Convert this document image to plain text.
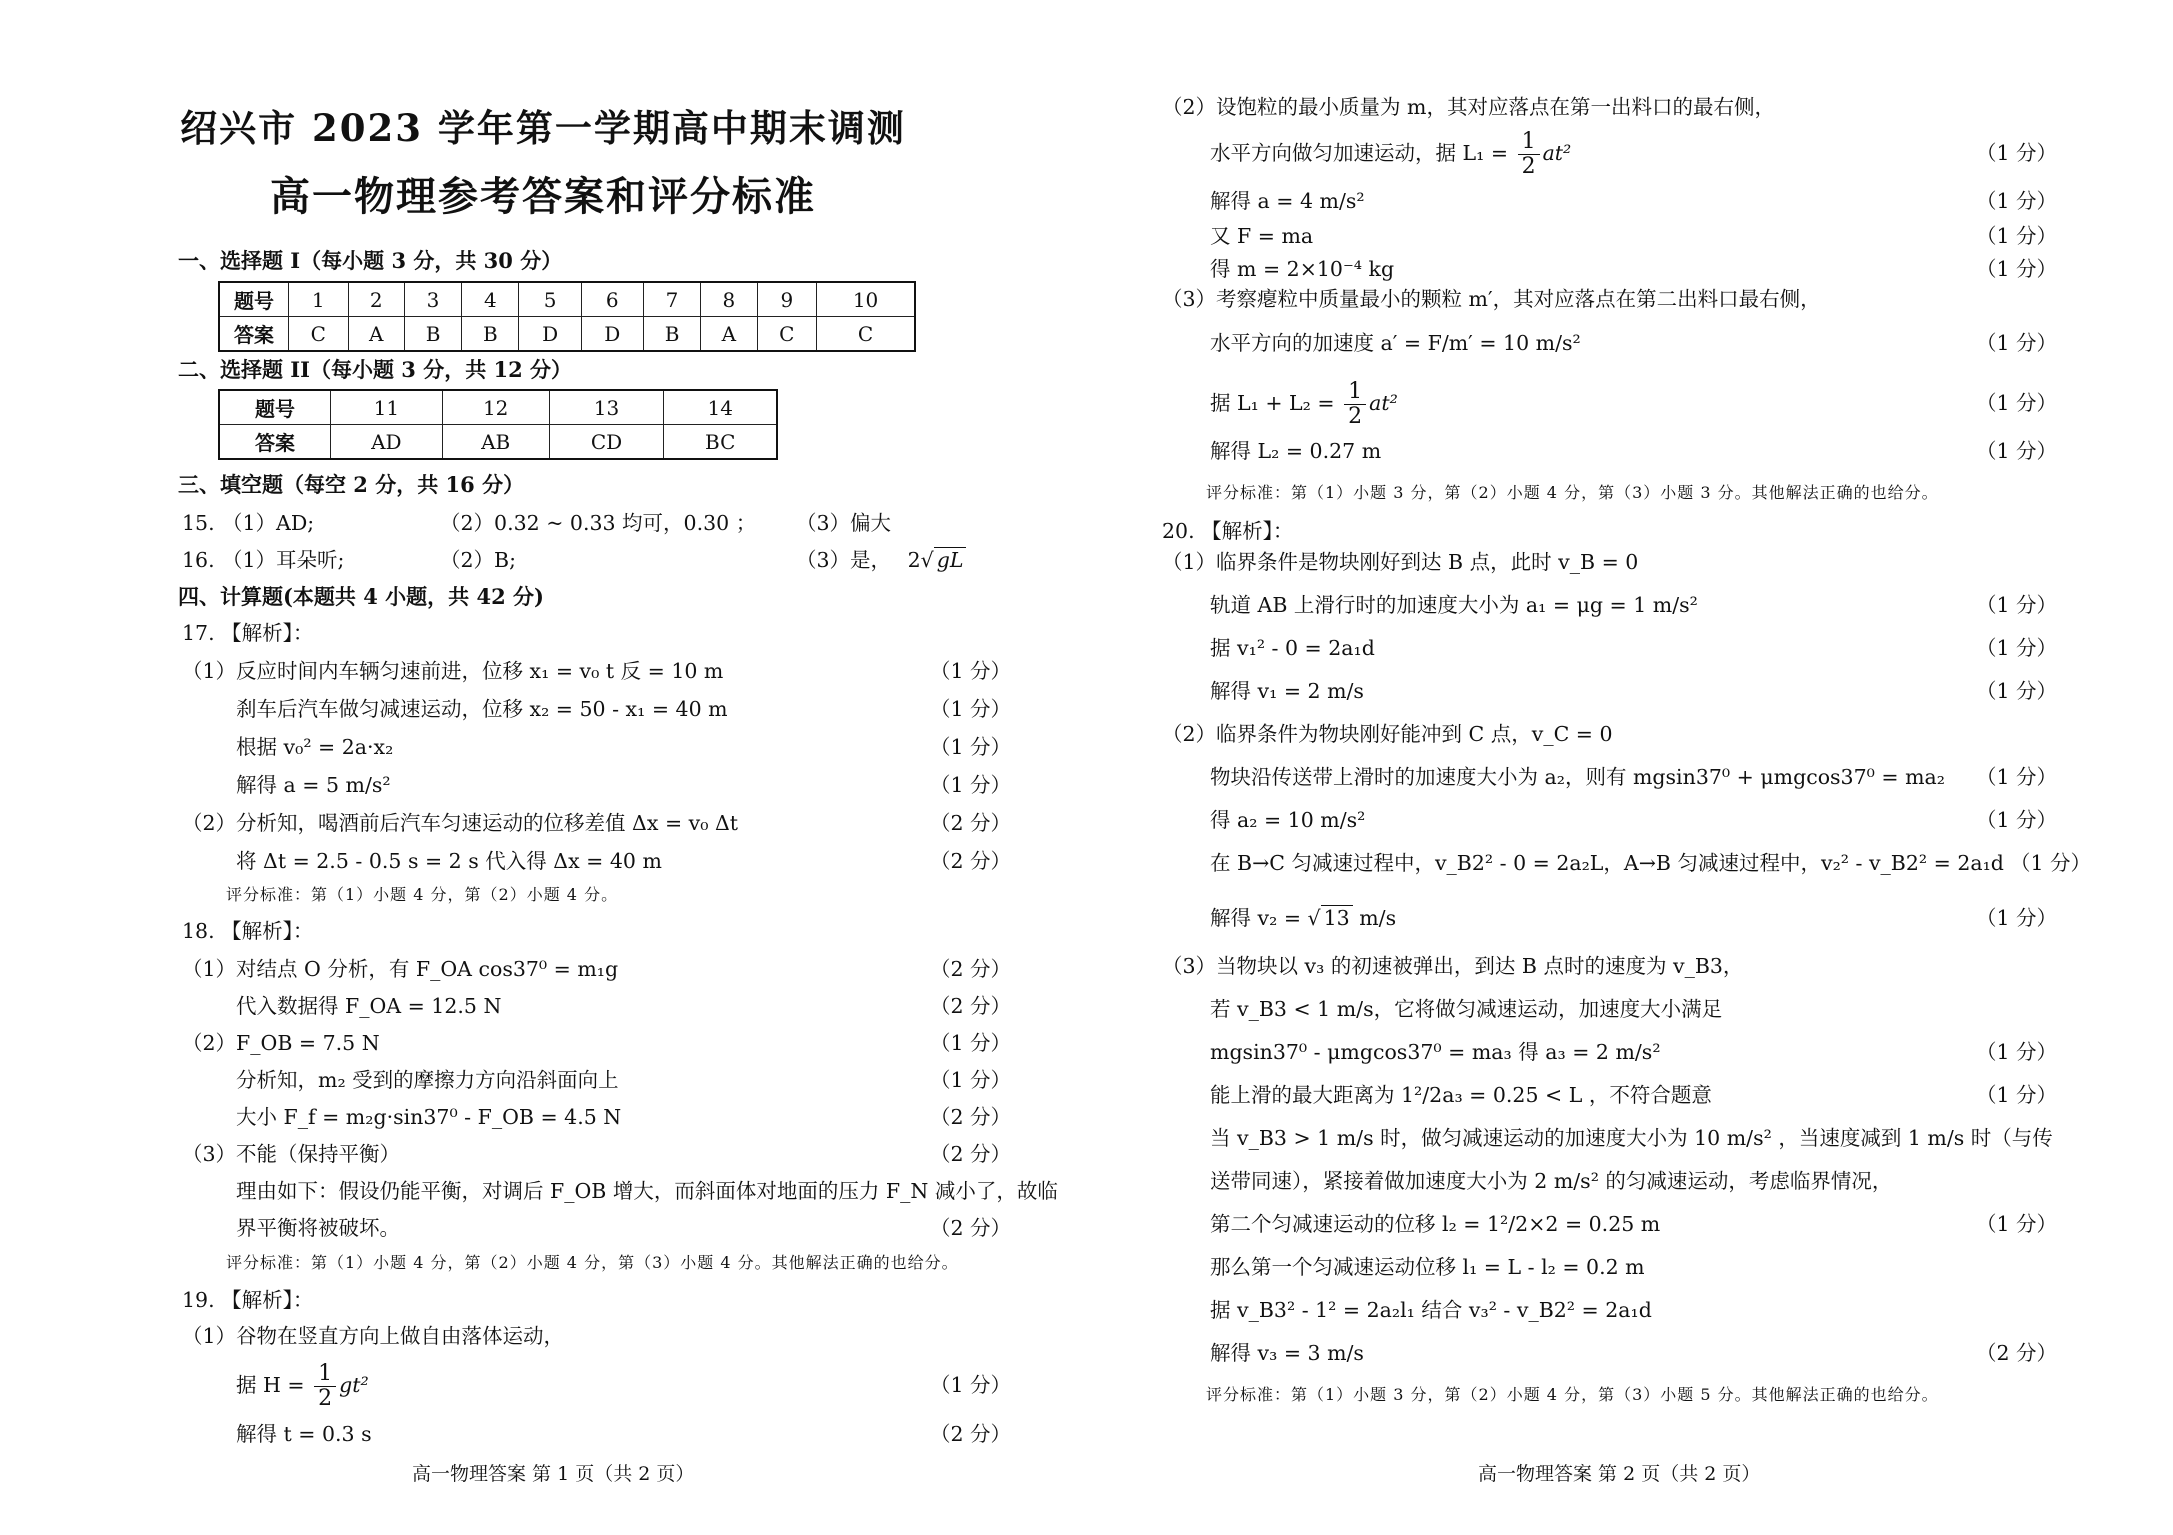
绍兴市 2023 学年第一学期高中期末调测
高一物理参考答案和评分标准
一、选择题 I（每小题 3 分，共 30 分）
题号	1	2	3	4	5	6	7	8	9	10
答案	C	A	B	B	D	D	B	A	C	C
二、选择题 II（每小题 3 分，共 12 分）
题号	11	12	13	14
答案	AD	AB	CD	BC
三、填空题（每空 2 分，共 16 分）
15. （1）AD;	（2）0.32 ~ 0.33 均可，0.30 ； （3）偏大
16. （1）耳朵听;	（2）B;	（3）是， 2√ gL
四、计算题(本题共 4 小题，共 42 分)
17. 【解析】：
（1）反应时间内车辆匀速前进，位移 x₁ = v₀ t 反 = 10 m	（1 分）
刹车后汽车做匀减速运动，位移 x₂ = 50 - x₁ = 40 m	（1 分）
根据 v₀² = 2a·x₂	（1 分）
解得 a = 5 m/s²	（1 分）
（2）分析知，喝酒前后汽车匀速运动的位移差值 Δx = v₀ Δt	（2 分）
将 Δt = 2.5 - 0.5 s = 2 s 代入得 Δx = 40 m	（2 分）
评分标准：第（1）小题 4 分，第（2）小题 4 分。
18. 【解析】：
（1）对结点 O 分析，有 F_OA cos37⁰ = m₁g	（2 分）
代入数据得 F_OA = 12.5 N	（2 分）
（2）F_OB = 7.5 N	（1 分）
分析知，m₂ 受到的摩擦力方向沿斜面向上	（1 分）
大小 F_f = m₂g·sin37⁰ - F_OB = 4.5 N	（2 分）
（3）不能（保持平衡）	（2 分）
理由如下：假设仍能平衡，对调后 F_OB 增大，而斜面体对地面的压力 F_N 减小了，故临
界平衡将被破坏。	（2 分）
评分标准：第（1）小题 4 分，第（2）小题 4 分，第（3）小题 4 分。其他解法正确的也给分。
19. 【解析】：
（1）谷物在竖直方向上做自由落体运动，
据 $H = \frac{1}{2} gt^2$	（1 分）
解得 t = 0.3 s	（2 分）
高一物理答案 第 1 页（共 2 页）
（2）设饱粒的最小质量为 m，其对应落点在第一出料口的最右侧，
水平方向做匀加速运动，据 $L_1 = \frac{1}{2} at^2$	（1 分）
解得 a = 4 m/s²	（1 分）
又 F = ma	（1 分）
得 m = 2×10⁻⁴ kg	（1 分）
（3）考察瘪粒中质量最小的颗粒 m′，其对应落点在第二出料口最右侧，
水平方向的加速度 a′ = F/m′ = 10 m/s²	（1 分）
据 $L_1 + L_2 = \frac{1}{2} at^2$	（1 分）
解得 L₂ = 0.27 m	（1 分）
评分标准：第（1）小题 3 分，第（2）小题 4 分，第（3）小题 3 分。其他解法正确的也给分。
20. 【解析】：
（1）临界条件是物块刚好到达 B 点，此时 v_B = 0
轨道 AB 上滑行时的加速度大小为 a₁ = μg = 1 m/s²	（1 分）
据 v₁² - 0 = 2a₁d	（1 分）
解得 v₁ = 2 m/s	（1 分）
（2）临界条件为物块刚好能冲到 C 点，v_C = 0
物块沿传送带上滑时的加速度大小为 a₂，则有 mgsin37⁰ + μmgcos37⁰ = ma₂ （1 分）
得 a₂ = 10 m/s²	（1 分）
在 B→C 匀减速过程中，v_B2² - 0 = 2a₂L，A→B 匀减速过程中，v₂² - v_B2² = 2a₁d （1 分）
解得 v₂ = √ 13 m/s	（1 分）
（3）当物块以 v₃ 的初速被弹出，到达 B 点时的速度为 v_B3，
若 v_B3 < 1 m/s，它将做匀减速运动，加速度大小满足
mgsin37⁰ - μmgcos37⁰ = ma₃ 得 a₃ = 2 m/s²	（1 分）
能上滑的最大距离为 1²/2a₃ = 0.25 < L ，不符合题意	（1 分）
当 v_B3 > 1 m/s 时，做匀减速运动的加速度大小为 10 m/s² ，当速度减到 1 m/s 时（与传
送带同速），紧接着做加速度大小为 2 m/s² 的匀减速运动，考虑临界情况，
第二个匀减速运动的位移 l₂ = 1²/2×2 = 0.25 m	（1 分）
那么第一个匀减速运动位移 l₁ = L - l₂ = 0.2 m
据 v_B3² - 1² = 2a₂l₁ 结合 v₃² - v_B2² = 2a₁d
解得 v₃ = 3 m/s	（2 分）
评分标准：第（1）小题 3 分，第（2）小题 4 分，第（3）小题 5 分。其他解法正确的也给分。
高一物理答案 第 2 页（共 2 页）
